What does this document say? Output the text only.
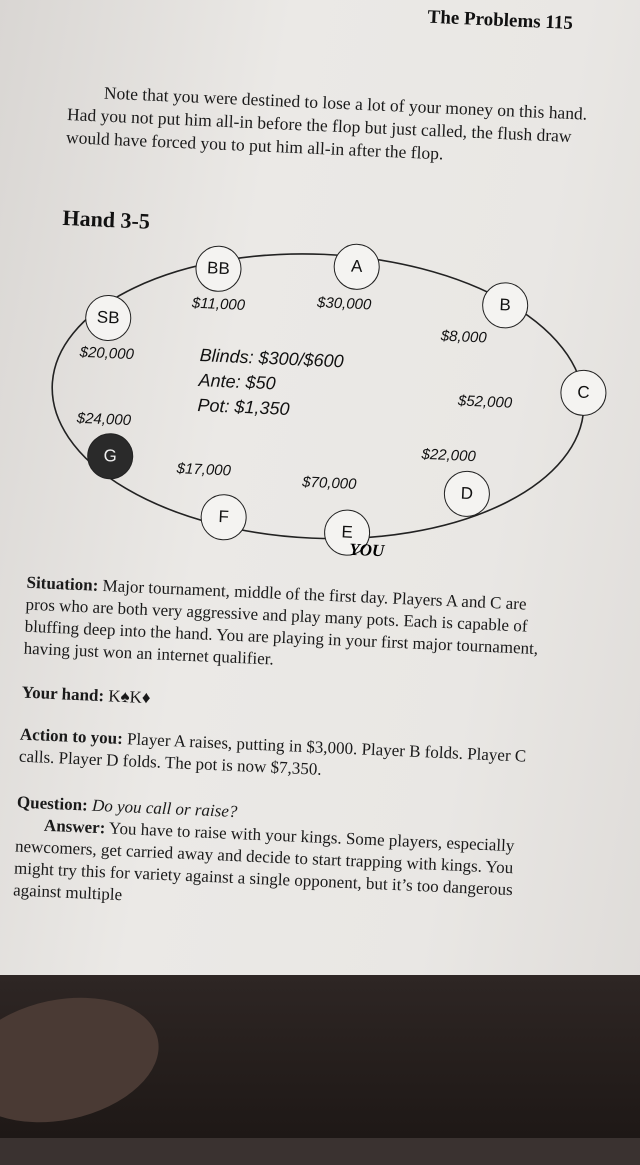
The Problems 115
Note that you were destined to lose a lot of your money on this hand. Had you not put him all-in before the flop but just called, the flush draw would have forced you to put him all-in after the flop.
Hand 3-5
BB	A
B
C
D
E
F
G
SB
$11,000	$30,000
$8,000
$52,000
$22,000
$70,000
$17,000
$24,000
$20,000	Blinds: $300/$600
Ante: $50
Pot: $1,350
YOU
Situation: Major tournament, middle of the first day. Players A and C are pros who are both very aggressive and play many pots. Each is capable of bluffing deep into the hand. You are playing in your first major tournament, having just won an internet qualifier.
Your hand: K♠K♦
Action to you: Player A raises, putting in $3,000. Player B folds. Player C calls. Player D folds. The pot is now $7,350.
Question: Do you call or raise?
Answer: You have to raise with your kings. Some players, especially newcomers, get carried away and decide to start trapping with kings. You might try this for variety against a single opponent, but it’s too dangerous against multiple
